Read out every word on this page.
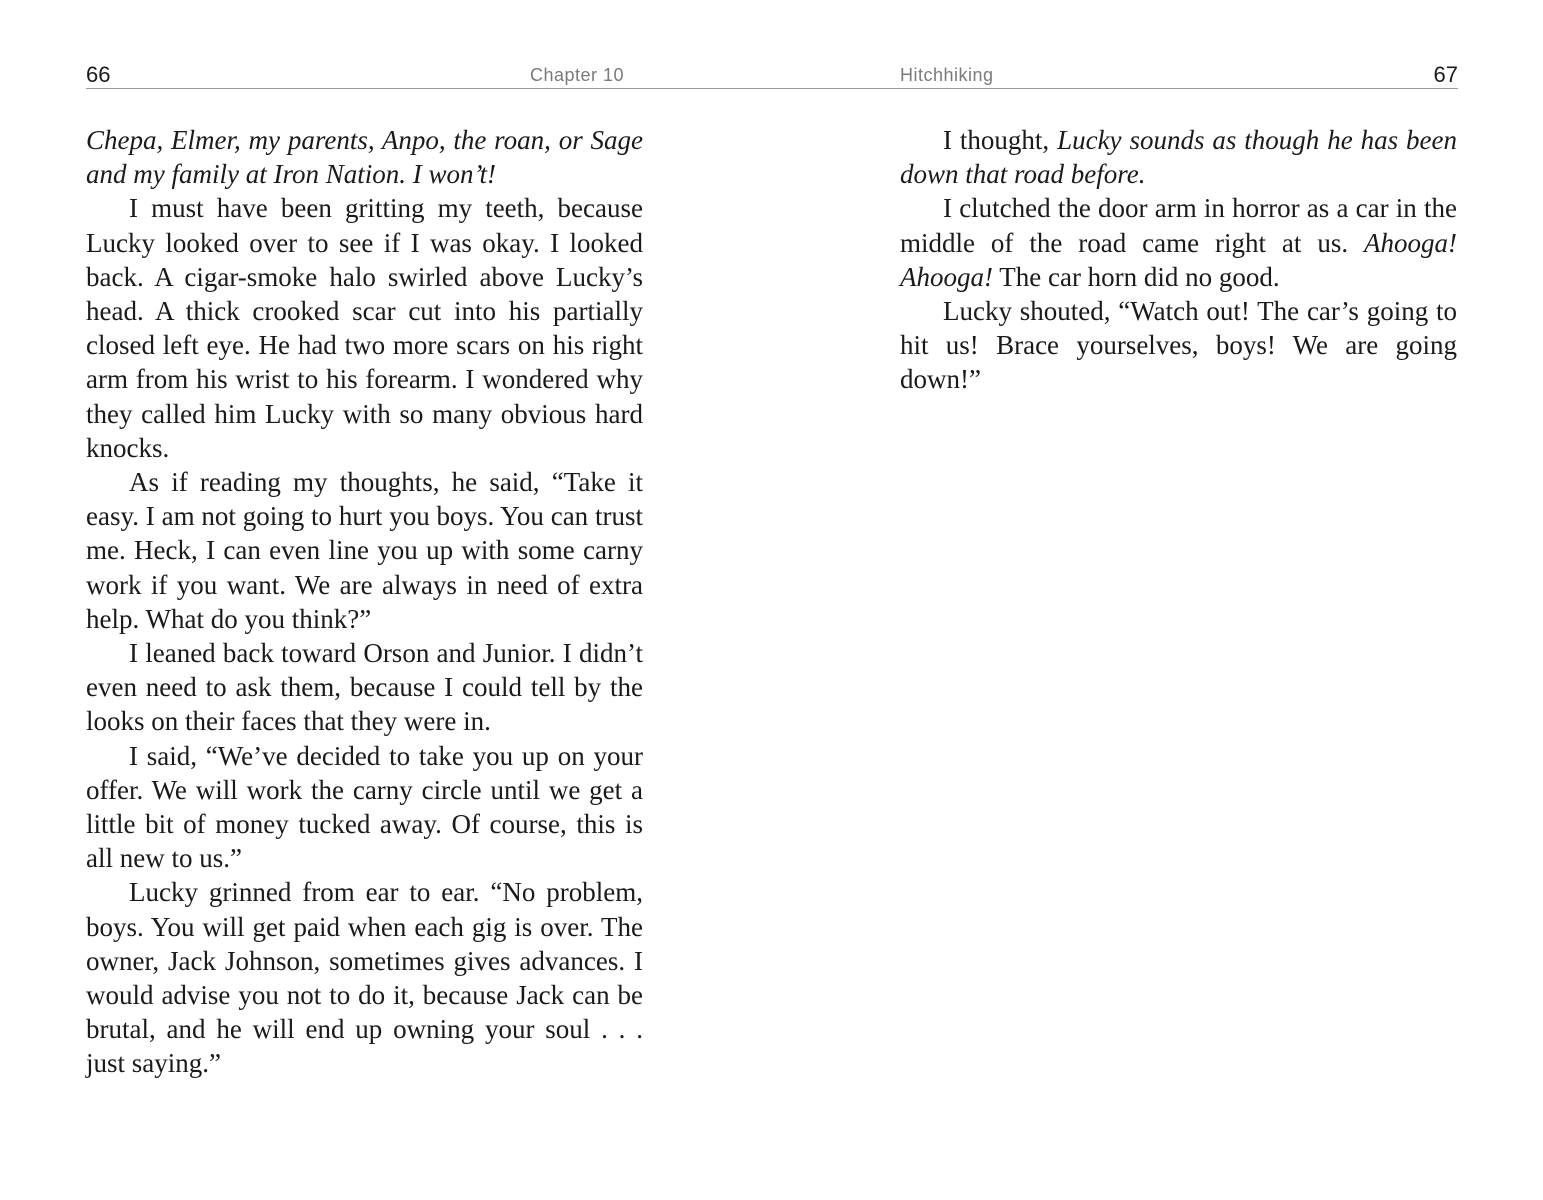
66	Chapter 10	Hitchhiking	67

Chepa, Elmer, my parents, Anpo, the roan, or Sage and my family at Iron Nation. I won’t!

I must have been gritting my teeth, because Lucky looked over to see if I was okay. I looked back. A cigar-smoke halo swirled above Lucky’s head. A thick crooked scar cut into his partially closed left eye. He had two more scars on his right arm from his wrist to his forearm. I wondered why they called him Lucky with so many obvious hard knocks.

As if reading my thoughts, he said, “Take it easy. I am not going to hurt you boys. You can trust me. Heck, I can even line you up with some carny work if you want. We are always in need of extra help. What do you think?”

I leaned back toward Orson and Junior. I didn’t even need to ask them, because I could tell by the looks on their faces that they were in.

I said, “We’ve decided to take you up on your offer. We will work the carny circle until we get a little bit of money tucked away. Of course, this is all new to us.”

Lucky grinned from ear to ear. “No problem, boys. You will get paid when each gig is over. The owner, Jack Johnson, sometimes gives advances. I would advise you not to do it, because Jack can be brutal, and he will end up owning your soul . . . just saying.”

I thought, Lucky sounds as though he has been down that road before.

I clutched the door arm in horror as a car in the middle of the road came right at us. Ahooga! Ahooga! The car horn did no good.

Lucky shouted, “Watch out! The car’s going to hit us! Brace yourselves, boys! We are going down!”
